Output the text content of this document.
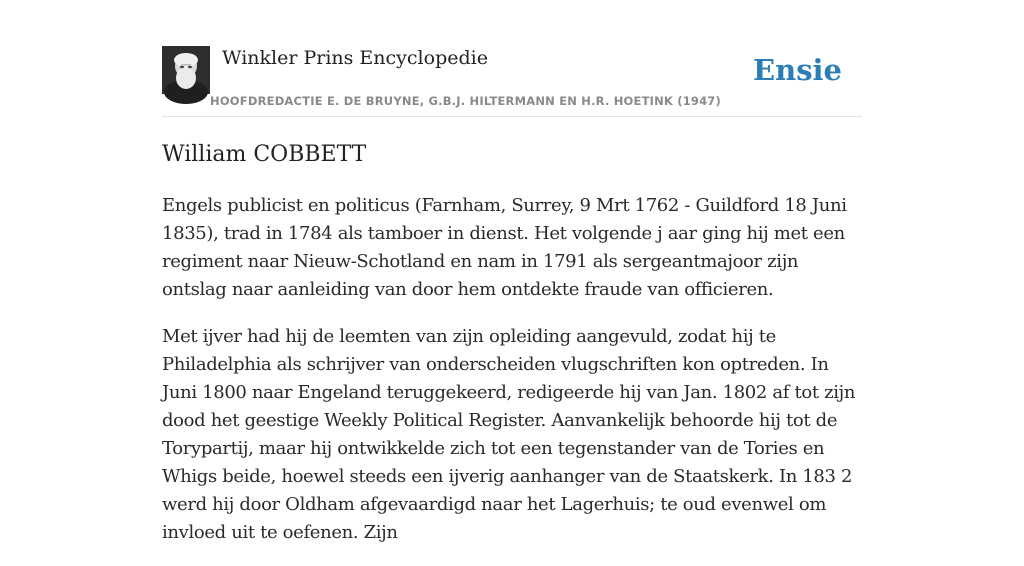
Winkler Prins Encyclopedie
HOOFDREDACTIE E. DE BRUYNE, G.B.J. HILTERMANN EN H.R. HOETINK (1947)
Ensie
William COBBETT

Engels publicist en politicus (Farnham, Surrey, 9 Mrt 1762 - Guildford 18 Juni 1835), trad in 1784 als tamboer in dienst. Het volgende j aar ging hij met een regiment naar Nieuw-Schotland en nam in 1791 als sergeantmajoor zijn ontslag naar aanleiding van door hem ontdekte fraude van officieren.

Met ijver had hij de leemten van zijn opleiding aangevuld, zodat hij te Philadelphia als schrijver van onderscheiden vlugschriften kon optreden. In Juni 1800 naar Engeland teruggekeerd, redigeerde hij van Jan. 1802 af tot zijn dood het geestige Weekly Political Register. Aanvankelijk behoorde hij tot de Torypartij, maar hij ontwikkelde zich tot een tegenstander van de Tories en Whigs beide, hoewel steeds een ijverig aanhanger van de Staatskerk. In 183 2 werd hij door Oldham afgevaardigd naar het Lagerhuis; te oud evenwel om invloed uit te oefenen. Zijn
